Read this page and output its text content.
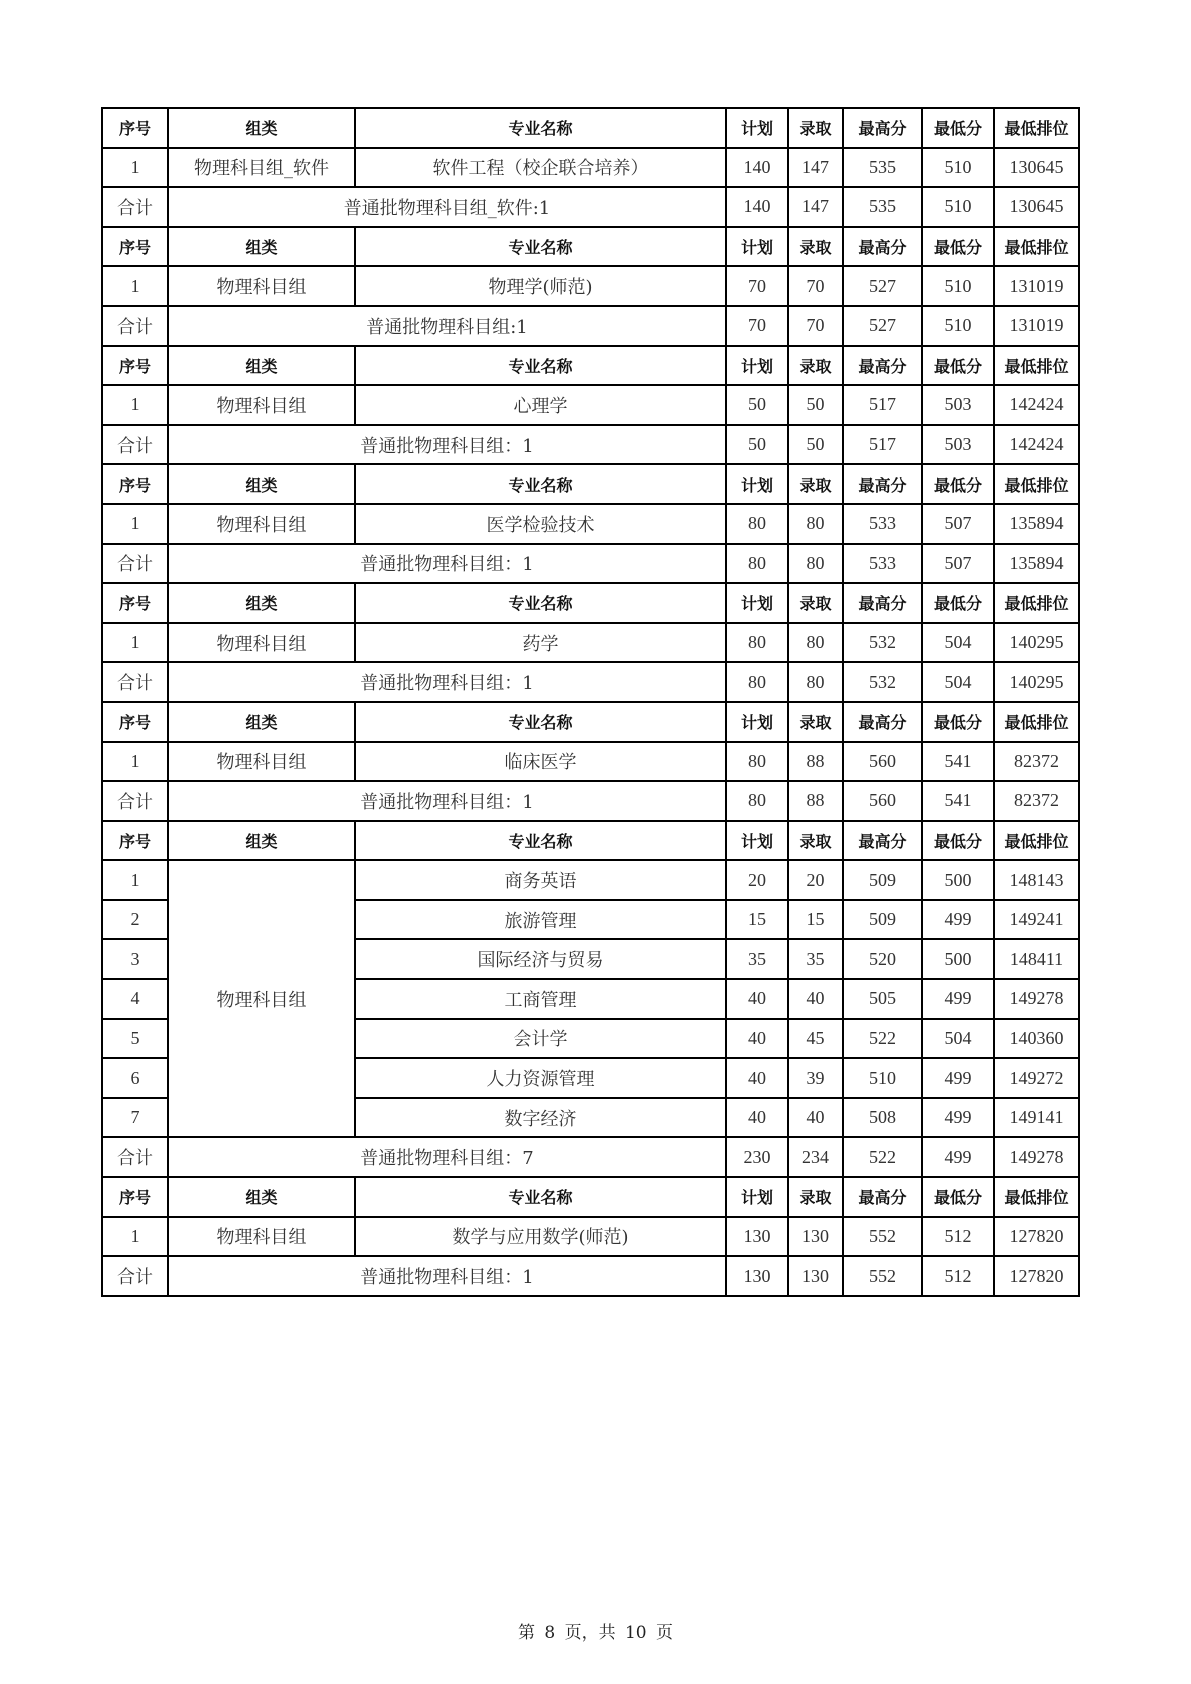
序号	组类	专业名称	计划	录取	最高分	最低分	最低排位
1	物理科目组_软件	软件工程（校企联合培养）	140	147	535	510	130645
合计	普通批物理科目组_软件:1		140	147	535	510	130645
序号	组类	专业名称	计划	录取	最高分	最低分	最低排位
1	物理科目组	物理学(师范)	70	70	527	510	131019
合计	普通批物理科目组:1		70	70	527	510	131019
序号	组类	专业名称	计划	录取	最高分	最低分	最低排位
1	物理科目组	心理学	50	50	517	503	142424
合计	普通批物理科目组：1		50	50	517	503	142424
序号	组类	专业名称	计划	录取	最高分	最低分	最低排位
1	物理科目组	医学检验技术	80	80	533	507	135894
合计	普通批物理科目组：1		80	80	533	507	135894
序号	组类	专业名称	计划	录取	最高分	最低分	最低排位
1	物理科目组	药学	80	80	532	504	140295
合计	普通批物理科目组：1		80	80	532	504	140295
序号	组类	专业名称	计划	录取	最高分	最低分	最低排位
1	物理科目组	临床医学	80	88	560	541	82372
合计	普通批物理科目组：1		80	88	560	541	82372
序号	组类	专业名称	计划	录取	最高分	最低分	最低排位
1	物理科目组	商务英语	20	20	509	500	148143
2		旅游管理	15	15	509	499	149241
3		国际经济与贸易	35	35	520	500	148411
4		工商管理	40	40	505	499	149278
5		会计学	40	45	522	504	140360
6		人力资源管理	40	39	510	499	149272
7		数字经济	40	40	508	499	149141
合计	普通批物理科目组：7		230	234	522	499	149278
序号	组类	专业名称	计划	录取	最高分	最低分	最低排位
1	物理科目组	数学与应用数学(师范)	130	130	552	512	127820
合计	普通批物理科目组：1		130	130	552	512	127820
第 8 页，共 10 页
